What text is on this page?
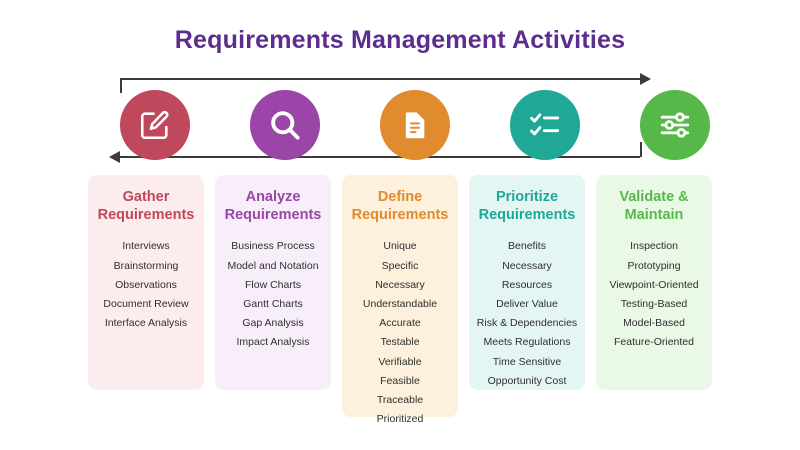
Requirements Management Activities
Gather Requirements
Interviews
Brainstorming
Observations
Document Review
Interface Analysis
Analyze Requirements
Business Process
Model and Notation
Flow Charts
Gantt Charts
Gap Analysis
Impact Analysis
Define Requirements
Unique
Specific
Necessary
Understandable
Accurate
Testable
Verifiable
Feasible
Traceable
Prioritized
Prioritize Requirements
Benefits
Necessary
Resources
Deliver Value
Risk & Dependencies
Meets Regulations
Time Sensitive
Opportunity Cost
Validate & Maintain
Inspection
Prototyping
Viewpoint-Oriented
Testing-Based
Model-Based
Feature-Oriented
